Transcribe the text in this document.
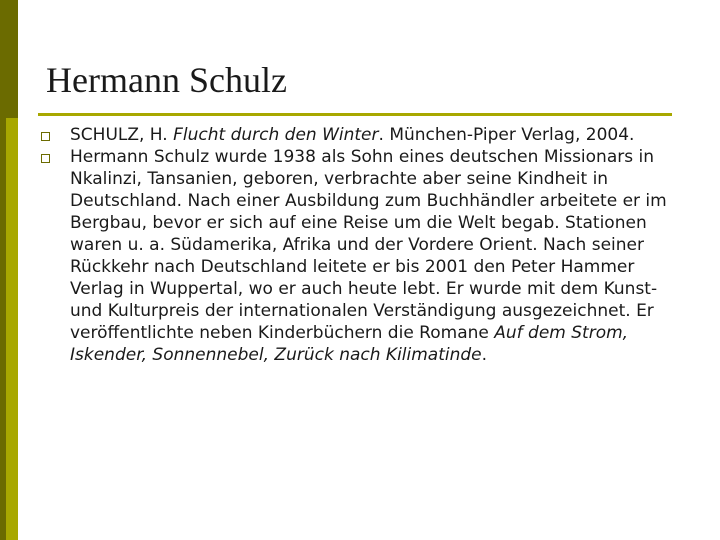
Hermann Schulz
SCHULZ, H. Flucht durch den Winter. München-Piper Verlag, 2004.
Hermann Schulz wurde 1938 als Sohn eines deutschen Missionars in Nkalinzi, Tansanien, geboren, verbrachte aber seine Kindheit in Deutschland. Nach einer Ausbildung zum Buchhändler arbeitete er im Bergbau, bevor er sich auf eine Reise um die Welt begab. Stationen waren u. a. Südamerika, Afrika und der Vordere Orient. Nach seiner Rückkehr nach Deutschland leitete er bis 2001 den Peter Hammer Verlag in Wuppertal, wo er auch heute lebt. Er wurde mit dem Kunst- und Kulturpreis der internationalen Verständigung ausgezeichnet. Er veröffentlichte neben Kinderbüchern die Romane Auf dem Strom, Iskender, Sonnennebel, Zurück nach Kilimatinde.
